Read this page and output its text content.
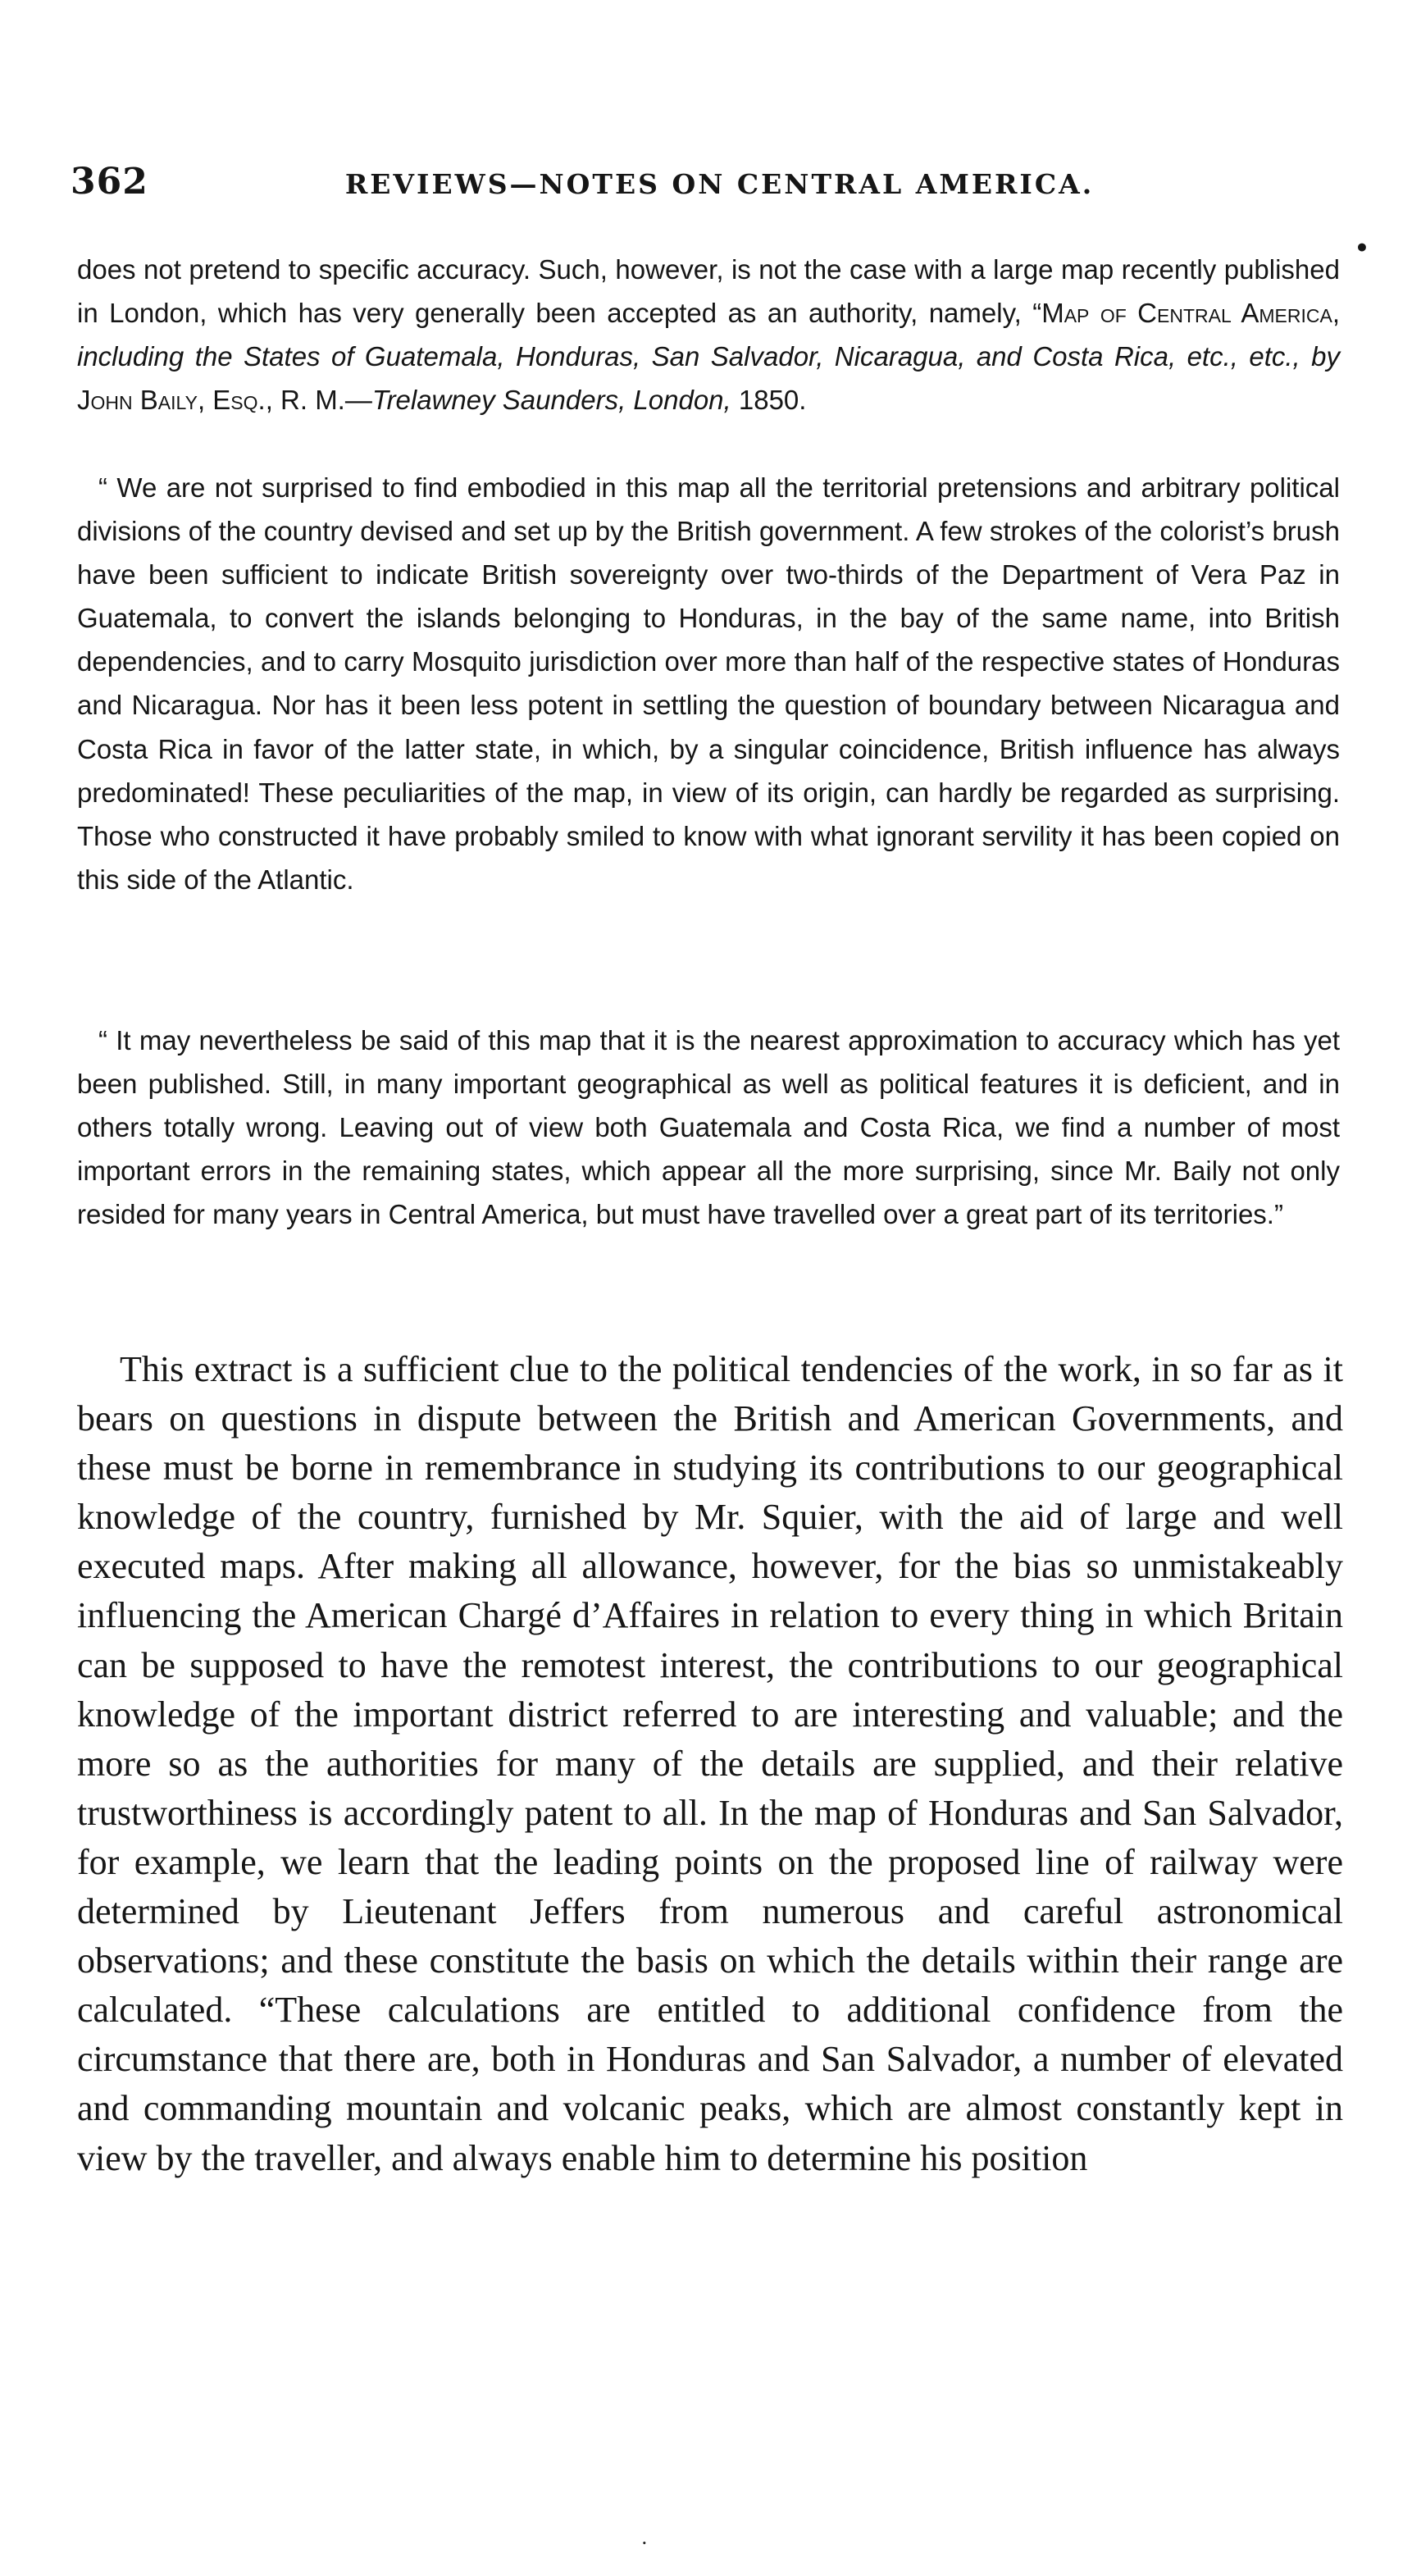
362	REVIEWS—NOTES ON CENTRAL AMERICA.
•

does not pretend to specific accuracy. Such, however, is not the case with a large map recently published in London, which has very generally been accepted as an authority, namely, “Map of Central America, including the States of Guatemala, Honduras, San Salvador, Nicaragua, and Costa Rica, etc., etc., by John Baily, Esq., R. M.—Trelawney Saunders, London, 1850.

“ We are not surprised to find embodied in this map all the territorial pretensions and arbitrary political divisions of the country devised and set up by the British government. A few strokes of the colorist’s brush have been sufficient to indicate British sovereignty over two-thirds of the Department of Vera Paz in Guatemala, to convert the islands belonging to Honduras, in the bay of the same name, into British dependencies, and to carry Mosquito jurisdiction over more than half of the respective states of Honduras and Nicaragua. Nor has it been less potent in settling the question of boundary between Nicaragua and Costa Rica in favor of the latter state, in which, by a singular coincidence, British influence has always predominated! These peculiarities of the map, in view of its origin, can hardly be regarded as surprising. Those who constructed it have probably smiled to know with what ignorant servility it has been copied on this side of the Atlantic.

“ It may nevertheless be said of this map that it is the nearest approximation to accuracy which has yet been published. Still, in many important geographical as well as political features it is deficient, and in others totally wrong. Leaving out of view both Guatemala and Costa Rica, we find a number of most important errors in the remaining states, which appear all the more surprising, since Mr. Baily not only resided for many years in Central America, but must have travelled over a great part of its territories.”

This extract is a sufficient clue to the political tendencies of the work, in so far as it bears on questions in dispute between the British and American Governments, and these must be borne in remembrance in studying its contributions to our geographical knowledge of the country, furnished by Mr. Squier, with the aid of large and well executed maps. After making all allowance, however, for the bias so unmistakeably influencing the American Chargé d’Affaires in relation to every thing in which Britain can be supposed to have the remotest interest, the contributions to our geographical knowledge of the important district referred to are interesting and valuable; and the more so as the authorities for many of the details are supplied, and their relative trustworthiness is accordingly patent to all. In the map of Honduras and San Salvador, for example, we learn that the leading points on the proposed line of railway were determined by Lieutenant Jeffers from numerous and careful astronomical observations; and these constitute the basis on which the details within their range are calculated. “These calculations are entitled to additional confidence from the circumstance that there are, both in Honduras and San Salvador, a number of elevated and commanding mountain and volcanic peaks, which are almost constantly kept in view by the traveller, and always enable him to determine his position

.
